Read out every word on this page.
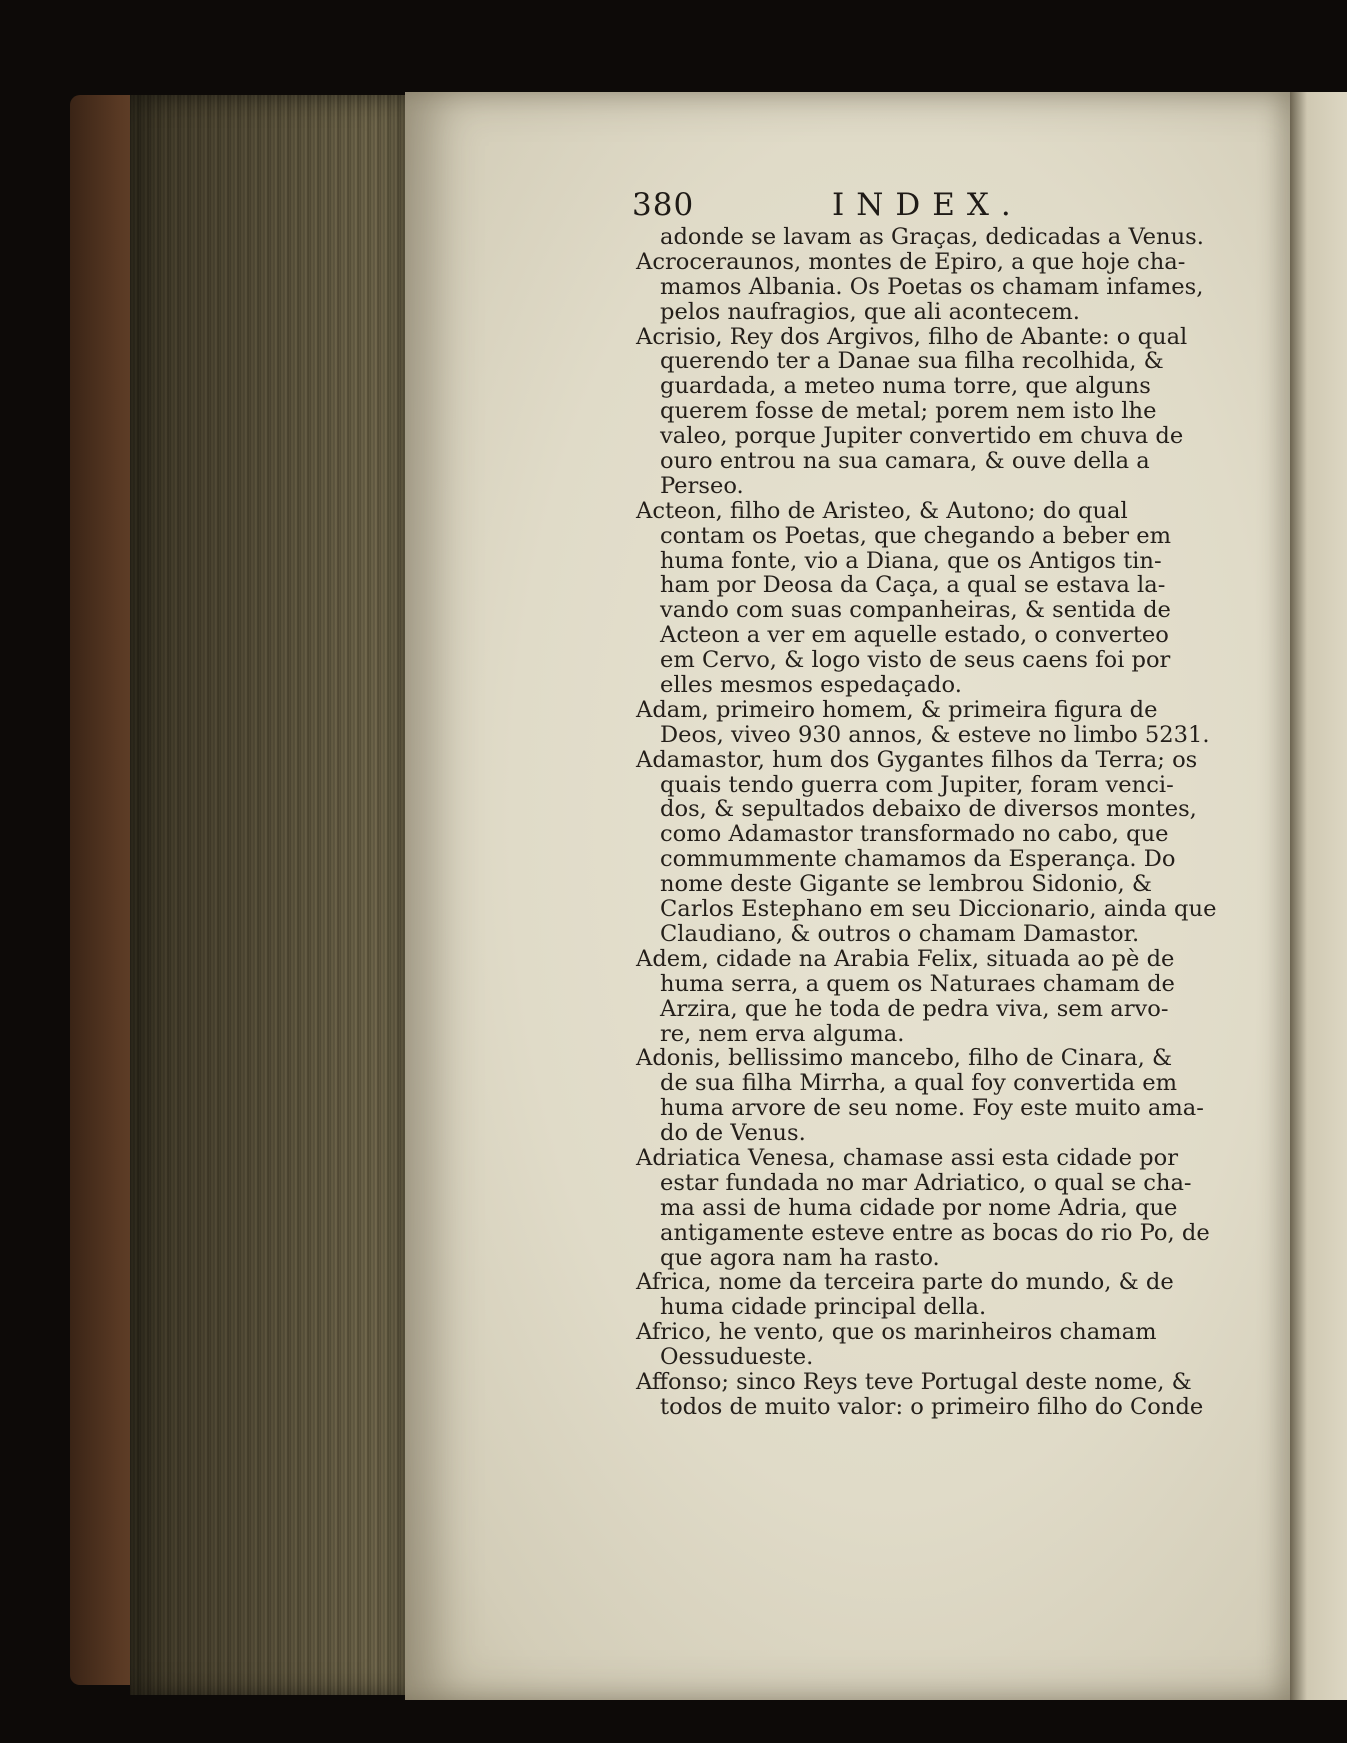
380	INDEX.
adonde se lavam as Graças, dedicadas a Venus.
Acroceraunos, montes de Epiro, a que hoje cha-
mamos Albania. Os Poetas os chamam infames,
pelos naufragios, que ali acontecem.
Acrisio, Rey dos Argivos, filho de Abante: o qual
querendo ter a Danae sua filha recolhida, &
guardada, a meteo numa torre, que alguns
querem fosse de metal; porem nem isto lhe
valeo, porque Jupiter convertido em chuva de
ouro entrou na sua camara, & ouve della a
Perseo.
Acteon, filho de Aristeo, & Autono; do qual
contam os Poetas, que chegando a beber em
huma fonte, vio a Diana, que os Antigos tin-
ham por Deosa da Caça, a qual se estava la-
vando com suas companheiras, & sentida de
Acteon a ver em aquelle estado, o converteo
em Cervo, & logo visto de seus caens foi por
elles mesmos espedaçado.
Adam, primeiro homem, & primeira figura de
Deos, viveo 930 annos, & esteve no limbo 5231.
Adamastor, hum dos Gygantes filhos da Terra; os
quais tendo guerra com Jupiter, foram venci-
dos, & sepultados debaixo de diversos montes,
como Adamastor transformado no cabo, que
commummente chamamos da Esperança. Do
nome deste Gigante se lembrou Sidonio, &
Carlos Estephano em seu Diccionario, ainda que
Claudiano, & outros o chamam Damastor.
Adem, cidade na Arabia Felix, situada ao pè de
huma serra, a quem os Naturaes chamam de
Arzira, que he toda de pedra viva, sem arvo-
re, nem erva alguma.
Adonis, bellissimo mancebo, filho de Cinara, &
de sua filha Mirrha, a qual foy convertida em
huma arvore de seu nome. Foy este muito ama-
do de Venus.
Adriatica Venesa, chamase assi esta cidade por
estar fundada no mar Adriatico, o qual se cha-
ma assi de huma cidade por nome Adria, que
antigamente esteve entre as bocas do rio Po, de
que agora nam ha rasto.
Africa, nome da terceira parte do mundo, & de
huma cidade principal della.
Africo, he vento, que os marinheiros chamam
Oessudueste.
Affonso; sinco Reys teve Portugal deste nome, &
todos de muito valor: o primeiro filho do Conde
